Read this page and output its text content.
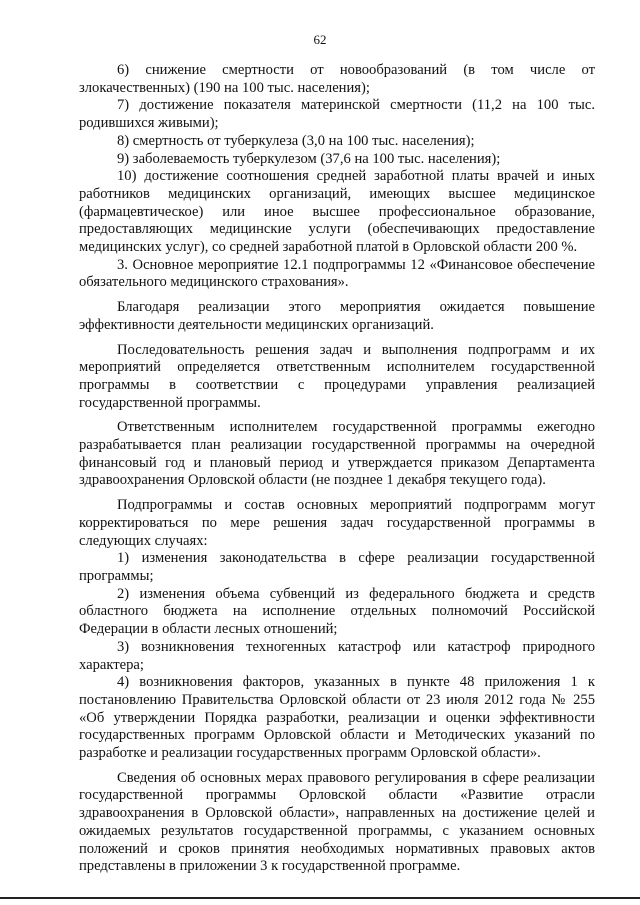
62

6) снижение смертности от новообразований (в том числе от злокачественных) (190 на 100 тыс. населения);

7) достижение показателя материнской смертности (11,2 на 100 тыс. родившихся живыми);

8) смертность от туберкулеза (3,0 на 100 тыс. населения);

9) заболеваемость туберкулезом (37,6 на 100 тыс. населения);

10) достижение соотношения средней заработной платы врачей и иных работников медицинских организаций, имеющих высшее медицинское (фармацевтическое) или иное высшее профессиональное образование, предоставляющих медицинские услуги (обеспечивающих предоставление медицинских услуг), со средней заработной платой в Орловской области 200 %.

3. Основное мероприятие 12.1 подпрограммы 12 «Финансовое обеспечение обязательного медицинского страхования».

Благодаря реализации этого мероприятия ожидается повышение эффективности деятельности медицинских организаций.

Последовательность решения задач и выполнения подпрограмм и их мероприятий определяется ответственным исполнителем государственной программы в соответствии с процедурами управления реализацией государственной программы.

Ответственным исполнителем государственной программы ежегодно разрабатывается план реализации государственной программы на очередной финансовый год и плановый период и утверждается приказом Департамента здравоохранения Орловской области (не позднее 1 декабря текущего года).

Подпрограммы и состав основных мероприятий подпрограмм могут корректироваться по мере решения задач государственной программы в следующих случаях:

1) изменения законодательства в сфере реализации государственной программы;

2) изменения объема субвенций из федерального бюджета и средств областного бюджета на исполнение отдельных полномочий Российской Федерации в области лесных отношений;

3) возникновения техногенных катастроф или катастроф природного характера;

4) возникновения факторов, указанных в пункте 48 приложения 1 к постановлению Правительства Орловской области от 23 июля 2012 года № 255 «Об утверждении Порядка разработки, реализации и оценки эффективности государственных программ Орловской области и Методических указаний по разработке и реализации государственных программ Орловской области».

Сведения об основных мерах правового регулирования в сфере реализации государственной программы Орловской области «Развитие отрасли здравоохранения в Орловской области», направленных на достижение целей и ожидаемых результатов государственной программы, с указанием основных положений и сроков принятия необходимых нормативных правовых актов представлены в приложении 3 к государственной программе.
